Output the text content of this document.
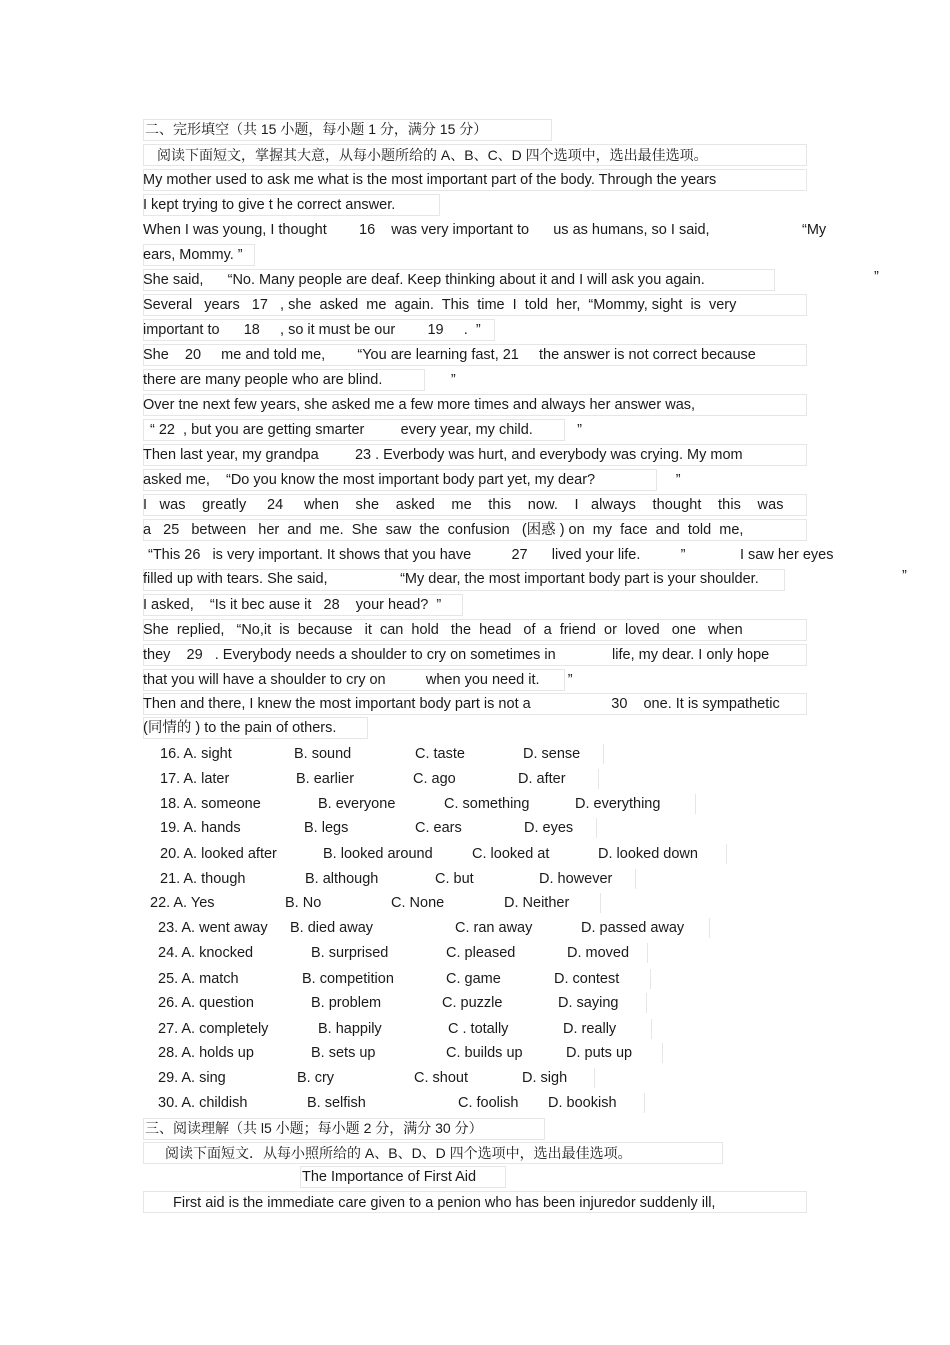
二、完形填空（共 15 小题，每小题 1 分，满分 15 分）
阅读下面短文，掌握其大意，从每小题所给的 A、B、C、D 四个选项中，选出最佳选项。
My mother used to ask me what is the most important part of the body. Through the years
I kept trying to give t he correct answer.
When I was young, I thought        16    was very important to      us as humans, so I said,	“My
ears, Mommy. ”
She said,      “No. Many people are deaf. Keep thinking about it and I will ask you again.	”
Several   years   17   , she  asked  me  again.  This  time  I  told  her,  “Mommy, sight  is  very
important to      18     , so it must be our        19     .  ”
She    20     me and told me,        “You are learning fast, 21     the answer is not correct because
there are many people who are blind.                 ”
Over tne next few years, she asked me a few more times and always her answer was,
“ 22  , but you are getting smarter         every year, my child.           ”
Then last year, my grandpa         23 . Everbody was hurt, and everybody was crying. My mom
asked me,    “Do you know the most important body part yet, my dear?                    ”
I   was    greatly     24     when    she    asked    me    this    now.    I   always    thought    this    was
a   25   between   her  and  me.  She  saw  the  confusion   (困惑 ) on  my  face  and  told  me,
“This 26   is very important. It shows that you have          27      lived your life.          ”	I saw her eyes
filled up with tears. She said,                  “My dear, the most important body part is your shoulder.	”
I asked,    “Is it bec ause it   28    your head?  ”
She  replied,   “No,it  is  because   it  can  hold   the  head   of  a  friend  or  loved   one   when
they    29   . Everybody needs a shoulder to cry on sometimes in              life, my dear. I only hope
that you will have a shoulder to cry on          when you need it.       ”
Then and there, I knew the most important body part is not a                    30    one. It is sympathetic
(同情的 ) to the pain of others.
16. A. sight	B. sound	C. taste	D. sense
17. A. later	B. earlier	C. ago	D. after
18. A. someone	B. everyone	C. something	D. everything
19. A. hands	B. legs	C. ears	D. eyes
20. A. looked after	B. looked around	C. looked at	D. looked down
21. A. though	B. although	C. but	D. however
22. A. Yes	B. No	C. None	D. Neither
23. A. went away B. died away	C. ran away	D. passed away
24. A. knocked	B. surprised	C. pleased	D. moved
25. A. match	B. competition	C. game	D. contest
26. A. question	B. problem	C. puzzle	D. saying
27. A. completely	B. happily	C . totally	D. really
28. A. holds up	B. sets up	C. builds up	D. puts up
29. A. sing	B. cry	C. shout	D. sigh
30. A. childish	B. selfish	C. foolish D. bookish
三、阅读理解（共 l5 小题；每小题 2 分，满分 30 分）
阅读下面短文．从每小照所给的 A、B、D、D 四个选项中，选出最佳选项。
The Importance of First Aid
First aid is the immediate care given to a penion who has been injuredor suddenly ill,
